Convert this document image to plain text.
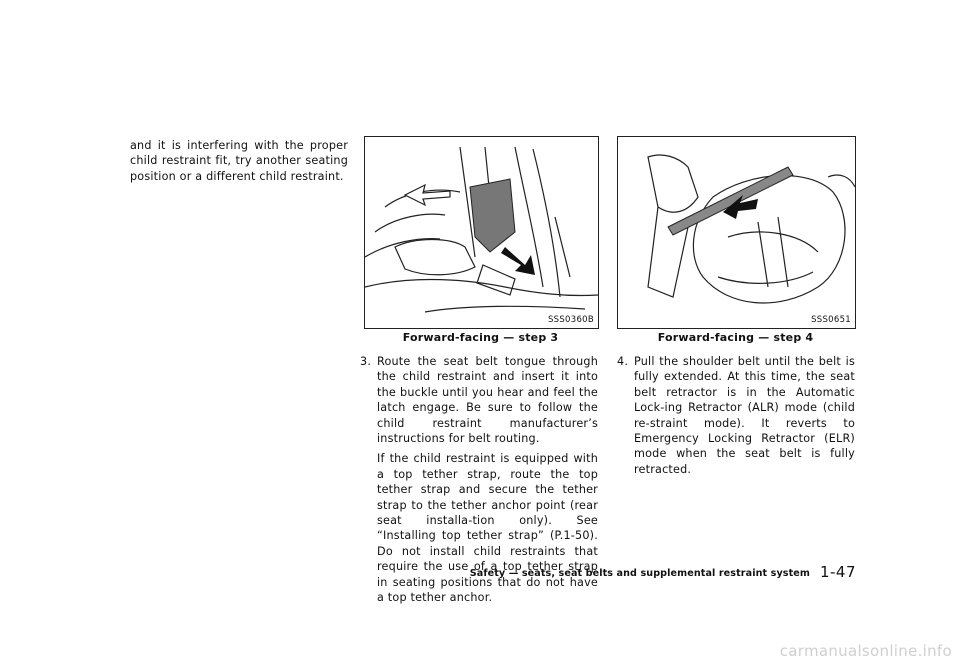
and it is interfering with the proper child restraint fit, try another seating position or a different child restraint.

SSS0360B
Forward-facing — step 3
SSS0651
Forward-facing — step 4

3. Route the seat belt tongue through the child restraint and insert it into the buckle until you hear and feel the latch engage. Be sure to follow the child restraint manufacturer’s instructions for belt routing.

If the child restraint is equipped with a top tether strap, route the top tether strap and secure the tether strap to the tether anchor point (rear seat installa-tion only). See “Installing top tether strap” (P.1-50). Do not install child restraints that require the use of a top tether strap in seating positions that do not have a top tether anchor.

4. Pull the shoulder belt until the belt is fully extended. At this time, the seat belt retractor is in the Automatic Lock-ing Retractor (ALR) mode (child re-straint mode). It reverts to Emergency Locking Retractor (ELR) mode when the seat belt is fully retracted.

Safety — seats, seat belts and supplemental restraint system 1-47
carmanualsonline.info
